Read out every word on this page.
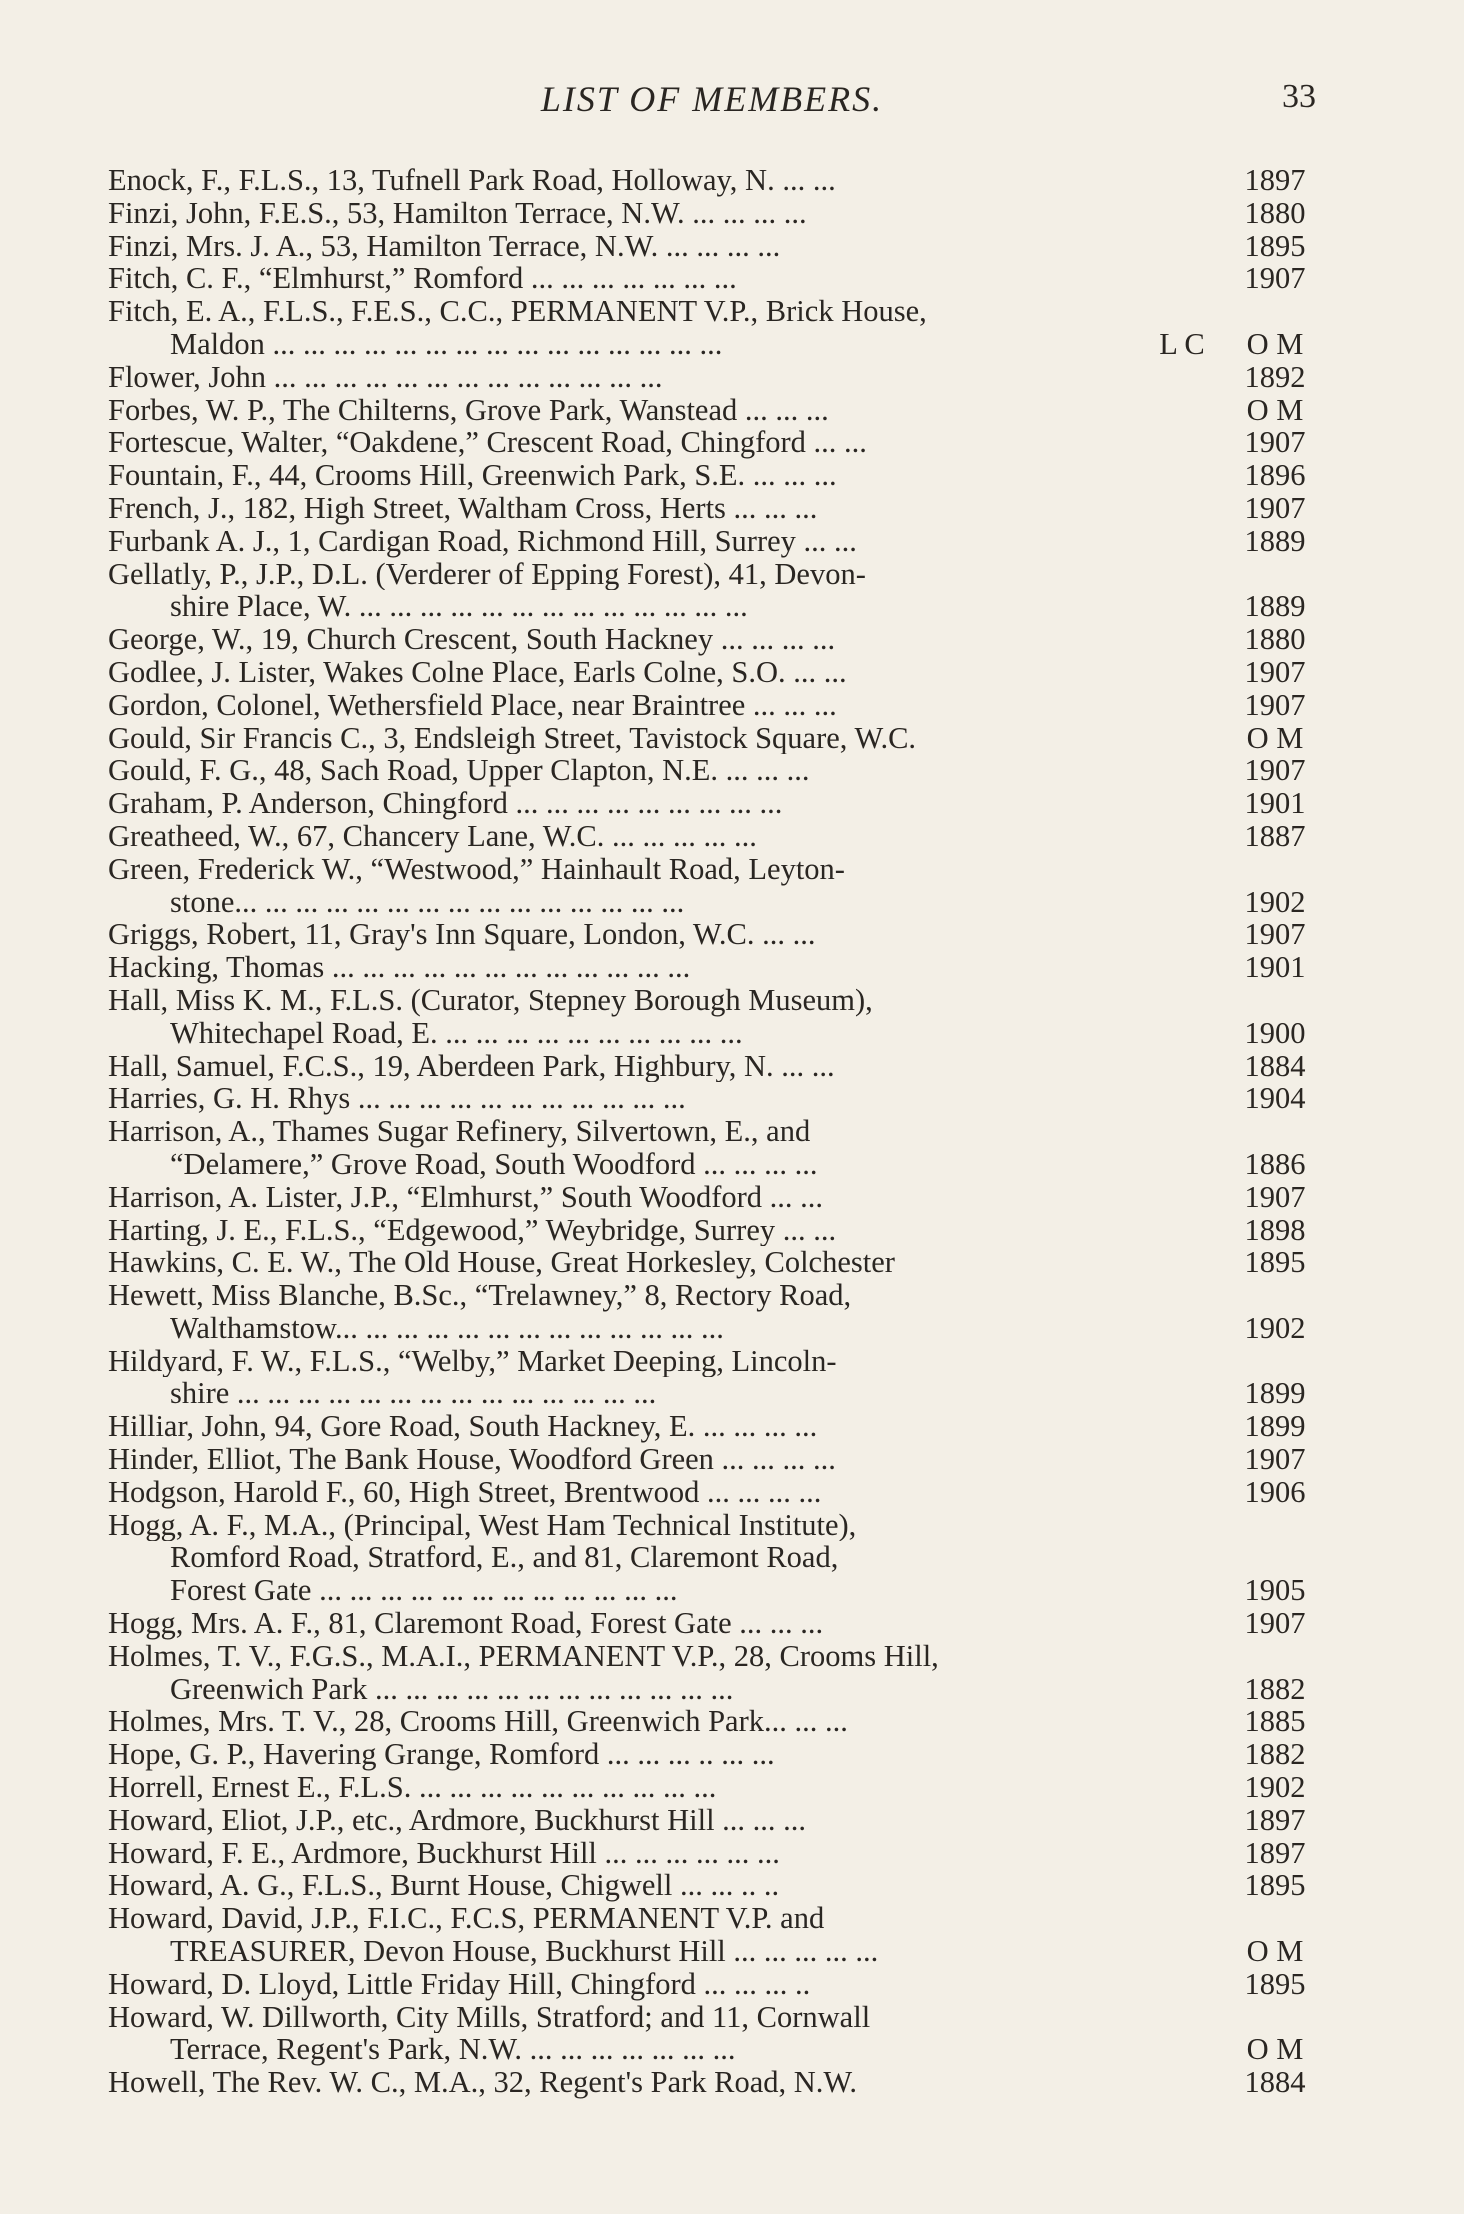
LIST OF MEMBERS.	33
Enock, F., F.L.S., 13, Tufnell Park Road, Holloway, N. ... ...	1897
Finzi, John, F.E.S., 53, Hamilton Terrace, N.W. ... ... ... ...	1880
Finzi, Mrs. J. A., 53, Hamilton Terrace, N.W. ... ... ... ...	1895
Fitch, C. F., “Elmhurst,” Romford ... ... ... ... ... ... ...	1907
Fitch, E. A., F.L.S., F.E.S., C.C., PERMANENT V.P., Brick House,
Maldon ... ... ... ... ... ... ... ... ... ... ... ... ... ... ...	L C	O M
Flower, John ... ... ... ... ... ... ... ... ... ... ... ... ...	1892
Forbes, W. P., The Chilterns, Grove Park, Wanstead ... ... ...	O M
Fortescue, Walter, “Oakdene,” Crescent Road, Chingford ... ...	1907
Fountain, F., 44, Crooms Hill, Greenwich Park, S.E. ... ... ...	1896
French, J., 182, High Street, Waltham Cross, Herts ... ... ...	1907
Furbank A. J., 1, Cardigan Road, Richmond Hill, Surrey ... ...	1889
Gellatly, P., J.P., D.L. (Verderer of Epping Forest), 41, Devon-
shire Place, W. ... ... ... ... ... ... ... ... ... ... ... ... ...	1889
George, W., 19, Church Crescent, South Hackney ... ... ... ...	1880
Godlee, J. Lister, Wakes Colne Place, Earls Colne, S.O. ... ...	1907
Gordon, Colonel, Wethersfield Place, near Braintree ... ... ...	1907
Gould, Sir Francis C., 3, Endsleigh Street, Tavistock Square, W.C.	O M
Gould, F. G., 48, Sach Road, Upper Clapton, N.E. ... ... ...	1907
Graham, P. Anderson, Chingford ... ... ... ... ... ... ... ... ...	1901
Greatheed, W., 67, Chancery Lane, W.C. ... ... ... ... ...	1887
Green, Frederick W., “Westwood,” Hainhault Road, Leyton-
stone... ... ... ... ... ... ... ... ... ... ... ... ... ... ...	1902
Griggs, Robert, 11, Gray's Inn Square, London, W.C. ... ...	1907
Hacking, Thomas ... ... ... ... ... ... ... ... ... ... ... ...	1901
Hall, Miss K. M., F.L.S. (Curator, Stepney Borough Museum),
Whitechapel Road, E. ... ... ... ... ... ... ... ... ... ...	1900
Hall, Samuel, F.C.S., 19, Aberdeen Park, Highbury, N. ... ...	1884
Harries, G. H. Rhys ... ... ... ... ... ... ... ... ... ... ...	1904
Harrison, A., Thames Sugar Refinery, Silvertown, E., and
“Delamere,” Grove Road, South Woodford ... ... ... ...	1886
Harrison, A. Lister, J.P., “Elmhurst,” South Woodford ... ...	1907
Harting, J. E., F.L.S., “Edgewood,” Weybridge, Surrey ... ...	1898
Hawkins, C. E. W., The Old House, Great Horkesley, Colchester	1895
Hewett, Miss Blanche, B.Sc., “Trelawney,” 8, Rectory Road,
Walthamstow... ... ... ... ... ... ... ... ... ... ... ... ...	1902
Hildyard, F. W., F.L.S., “Welby,” Market Deeping, Lincoln-
shire ... ... ... ... ... ... ... ... ... ... ... ... ... ...	1899
Hilliar, John, 94, Gore Road, South Hackney, E. ... ... ... ...	1899
Hinder, Elliot, The Bank House, Woodford Green ... ... ... ...	1907
Hodgson, Harold F., 60, High Street, Brentwood ... ... ... ...	1906
Hogg, A. F., M.A., (Principal, West Ham Technical Institute),
Romford Road, Stratford, E., and 81, Claremont Road,
Forest Gate ... ... ... ... ... ... ... ... ... ... ... ...	1905
Hogg, Mrs. A. F., 81, Claremont Road, Forest Gate ... ... ...	1907
Holmes, T. V., F.G.S., M.A.I., PERMANENT V.P., 28, Crooms Hill,
Greenwich Park ... ... ... ... ... ... ... ... ... ... ... ...	1882
Holmes, Mrs. T. V., 28, Crooms Hill, Greenwich Park... ... ...	1885
Hope, G. P., Havering Grange, Romford ... ... ... .. ... ...	1882
Horrell, Ernest E., F.L.S. ... ... ... ... ... ... ... ... ... ...	1902
Howard, Eliot, J.P., etc., Ardmore, Buckhurst Hill ... ... ...	1897
Howard, F. E., Ardmore, Buckhurst Hill ... ... ... ... ... ...	1897
Howard, A. G., F.L.S., Burnt House, Chigwell ... ... .. ..	1895
Howard, David, J.P., F.I.C., F.C.S, PERMANENT V.P. and
TREASURER, Devon House, Buckhurst Hill ... ... ... ... ...	O M
Howard, D. Lloyd, Little Friday Hill, Chingford ... ... ... ..	1895
Howard, W. Dillworth, City Mills, Stratford; and 11, Cornwall
Terrace, Regent's Park, N.W. ... ... ... ... ... ... ...	O M
Howell, The Rev. W. C., M.A., 32, Regent's Park Road, N.W.	1884
